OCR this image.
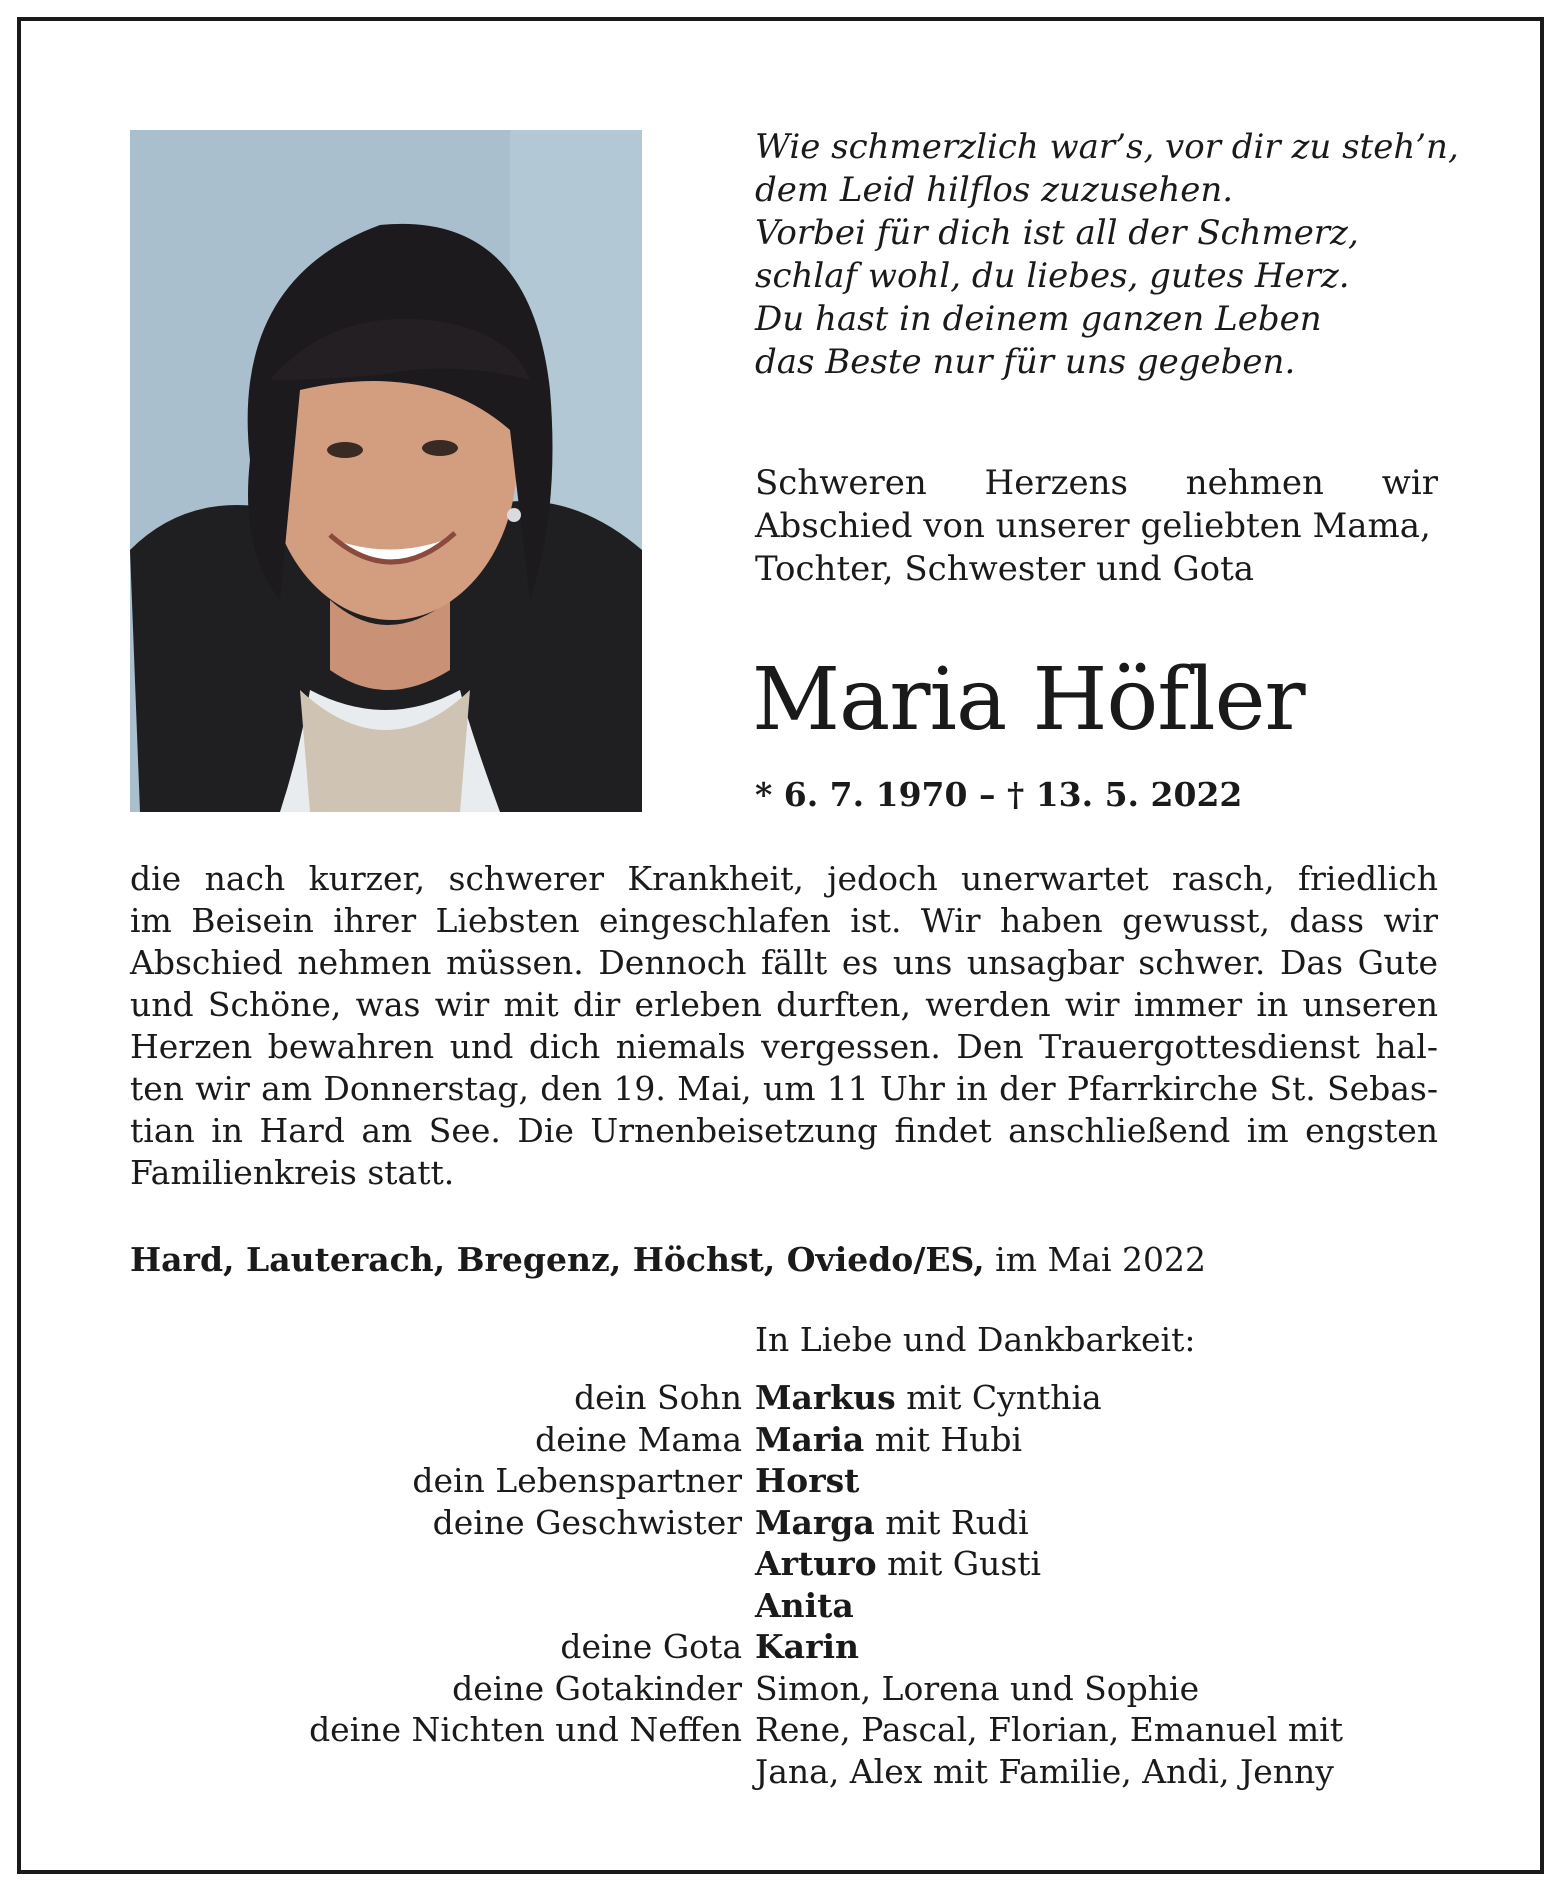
Wie schmerzlich war’s, vor dir zu steh’n,
dem Leid hilflos zuzusehen.
Vorbei für dich ist all der Schmerz,
schlaf wohl, du liebes, gutes Herz.
Du hast in deinem ganzen Leben
das Beste nur für uns gegeben.
Schweren Herzens nehmen wir
Abschied von unserer geliebten Mama,
Tochter, Schwester und Gota
Maria Höfler
* 6. 7. 1970 – † 13. 5. 2022
die nach kurzer, schwerer Krankheit, jedoch unerwartet rasch, friedlich
im Beisein ihrer Liebsten eingeschlafen ist. Wir haben gewusst, dass wir
Abschied nehmen müssen. Dennoch fällt es uns unsagbar schwer. Das Gute
und Schöne, was wir mit dir erleben durften, werden wir immer in unseren
Herzen bewahren und dich niemals vergessen. Den Trauergottesdienst hal-
ten wir am Donnerstag, den 19. Mai, um 11 Uhr in der Pfarrkirche St. Sebas-
tian in Hard am See. Die Urnenbeisetzung findet anschließend im engsten
Familienkreis statt.
Hard, Lauterach, Bregenz, Höchst, Oviedo/ES, im Mai 2022
In Liebe und Dankbarkeit:
dein Sohn Markus mit Cynthia
deine Mama Maria mit Hubi
dein Lebenspartner Horst
deine Geschwister Marga mit Rudi
Arturo mit Gusti
Anita
deine Gota Karin
deine Gotakinder Simon, Lorena und Sophie
deine Nichten und Neffen Rene, Pascal, Florian, Emanuel mit
Jana, Alex mit Familie, Andi, Jenny
